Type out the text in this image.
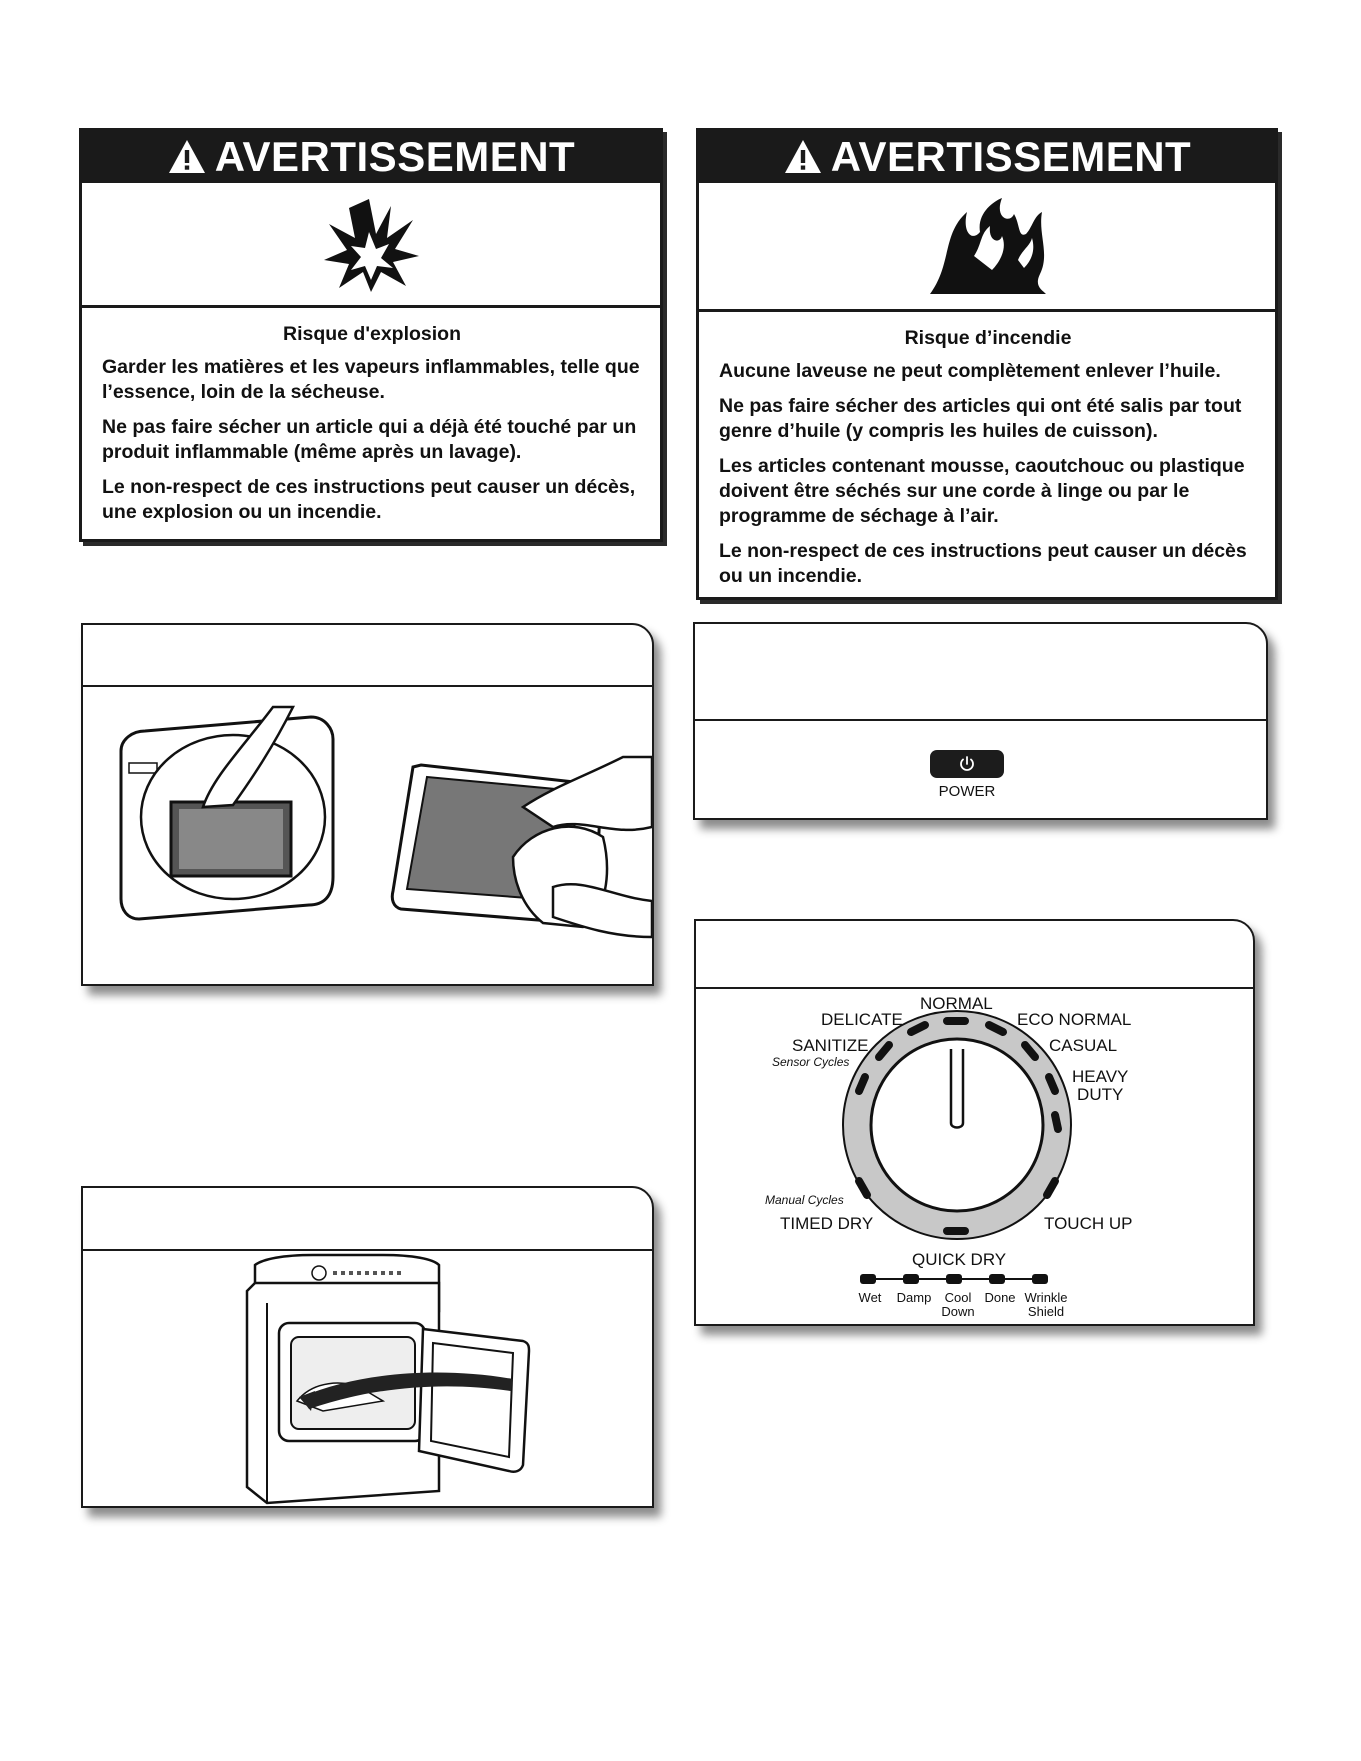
AVERTISSEMENT
Risque d'explosion

Garder les matières et les vapeurs inflammables, telle que l’essence, loin de la sécheuse.

Ne pas faire sécher un article qui a déjà été touché par un produit inflammable (même après un lavage).

Le non-respect de ces instructions peut causer un décès, une explosion ou un incendie.

AVERTISSEMENT
Risque d’incendie

Aucune laveuse ne peut complètement enlever l’huile.

Ne pas faire sécher des articles qui ont été salis par tout genre d’huile (y compris les huiles de cuisson).

Les articles contenant mousse, caoutchouc ou plastique doivent être séchés sur une corde à linge ou par le programme de séchage à l’air.

Le non-respect de ces instructions peut causer un décès ou un incendie.

POWER
NORMAL
DELICATE	ECO NORMAL
SANITIZE
Sensor Cycles
CASUAL
HEAVY
DUTY
Manual Cycles
TIMED DRY	TOUCH UP
QUICK DRY
Wet	Damp	Cool
Down
Done Wrinkle
Shield
